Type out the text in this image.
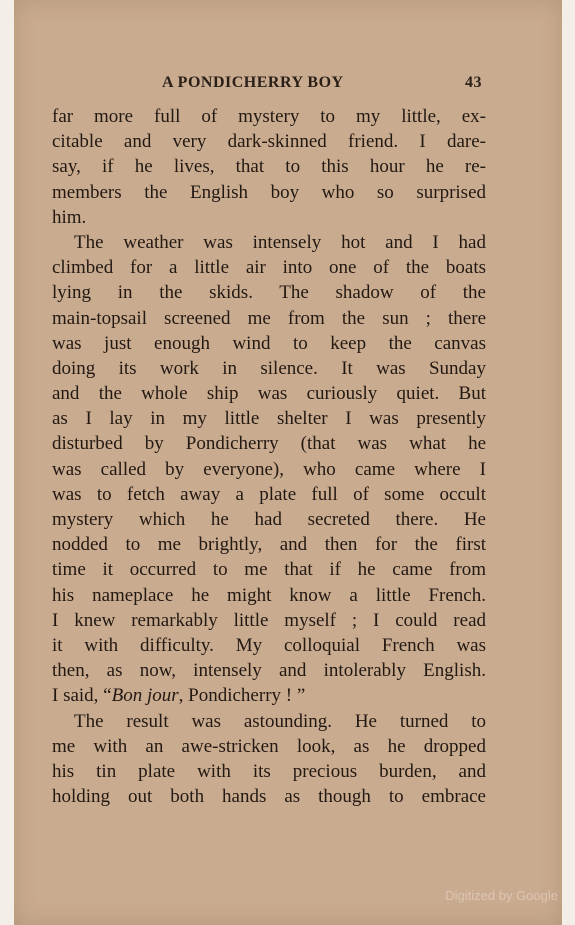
A PONDICHERRY BOY	43
far more full of mystery to my little, ex-
citable and very dark-skinned friend. I dare-
say, if he lives, that to this hour he re-
members the English boy who so surprised
him.
The weather was intensely hot and I had
climbed for a little air into one of the boats
lying in the skids. The shadow of the
main-topsail screened me from the sun ; there
was just enough wind to keep the canvas
doing its work in silence. It was Sunday
and the whole ship was curiously quiet. But
as I lay in my little shelter I was presently
disturbed by Pondicherry (that was what he
was called by everyone), who came where I
was to fetch away a plate full of some occult
mystery which he had secreted there. He
nodded to me brightly, and then for the first
time it occurred to me that if he came from
his nameplace he might know a little French.
I knew remarkably little myself ; I could read
it with difficulty. My colloquial French was
then, as now, intensely and intolerably English.
I said, “Bon jour, Pondicherry ! ”
The result was astounding. He turned to
me with an awe-stricken look, as he dropped
his tin plate with its precious burden, and
holding out both hands as though to embrace
Digitized by Google
